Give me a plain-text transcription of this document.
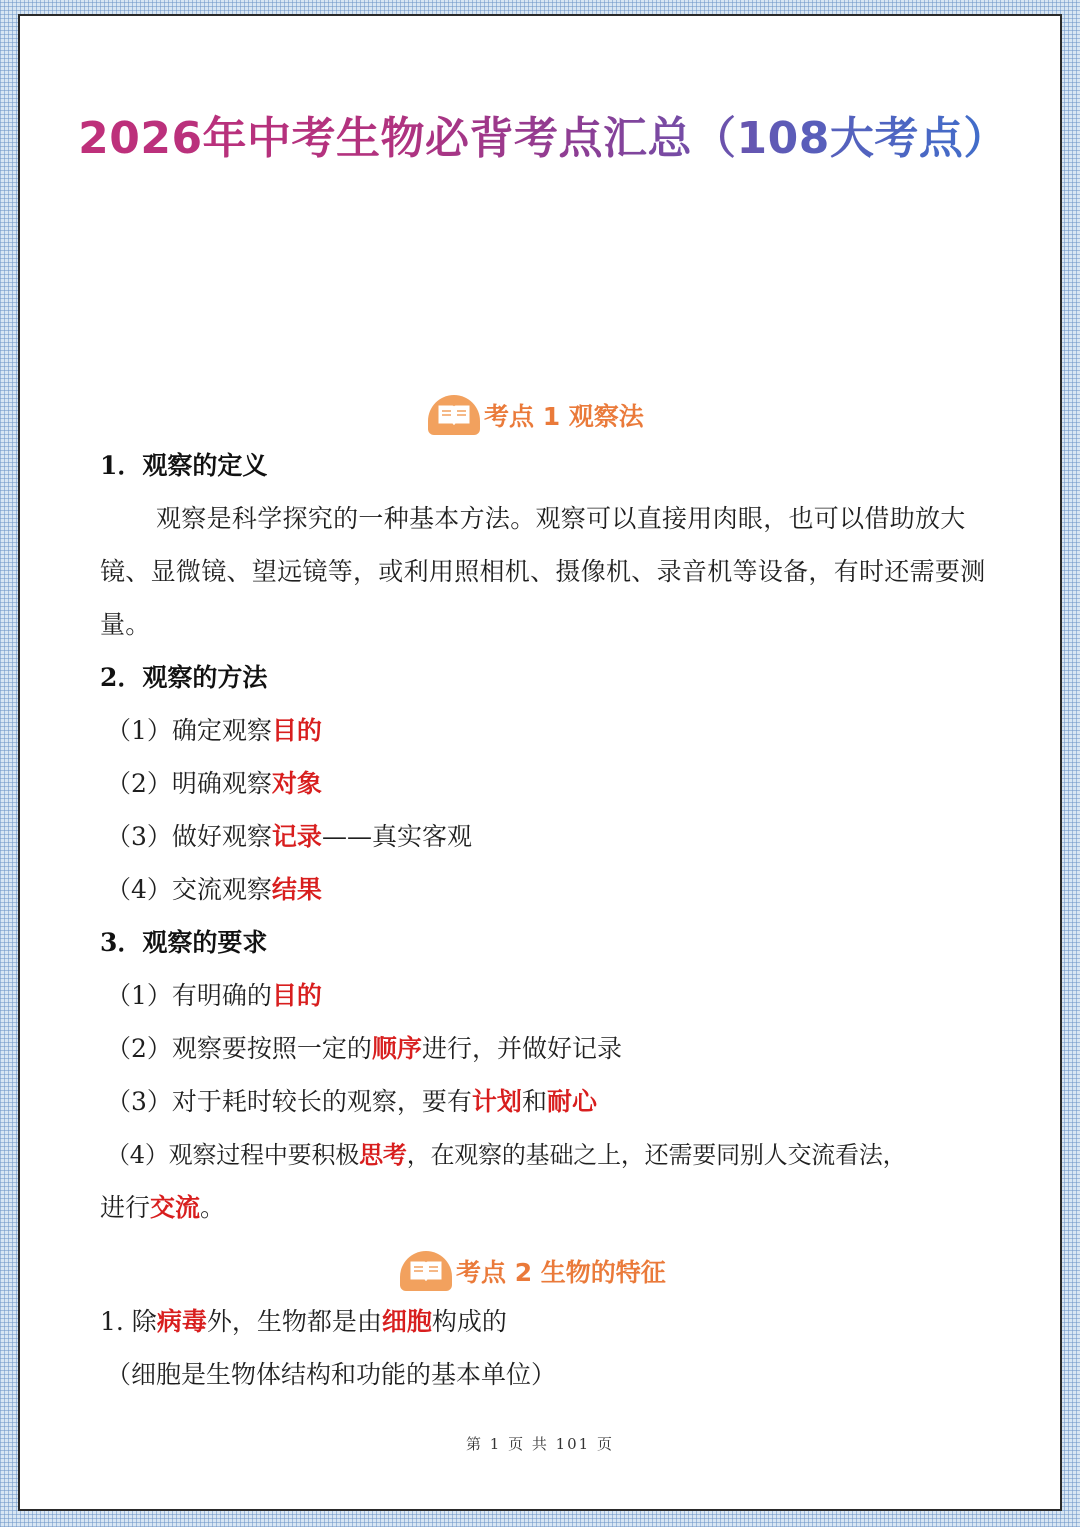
2026年中考生物必背考点汇总（108大考点）
考点 1 观察法
1．观察的定义
观察是科学探究的一种基本方法。观察可以直接用肉眼，也可以借助放大镜、显微镜、望远镜等，或利用照相机、摄像机、录音机等设备，有时还需要测量。
2．观察的方法
（1）确定观察目的
（2）明确观察对象
（3）做好观察记录——真实客观
（4）交流观察结果
3．观察的要求
（1）有明确的目的
（2）观察要按照一定的顺序进行，并做好记录
（3）对于耗时较长的观察，要有计划和耐心
（4）观察过程中要积极思考，在观察的基础之上，还需要同别人交流看法，
进行交流。
考点 2 生物的特征
1. 除病毒外，生物都是由细胞构成的
（细胞是生物体结构和功能的基本单位）
第 1 页 共 101 页
